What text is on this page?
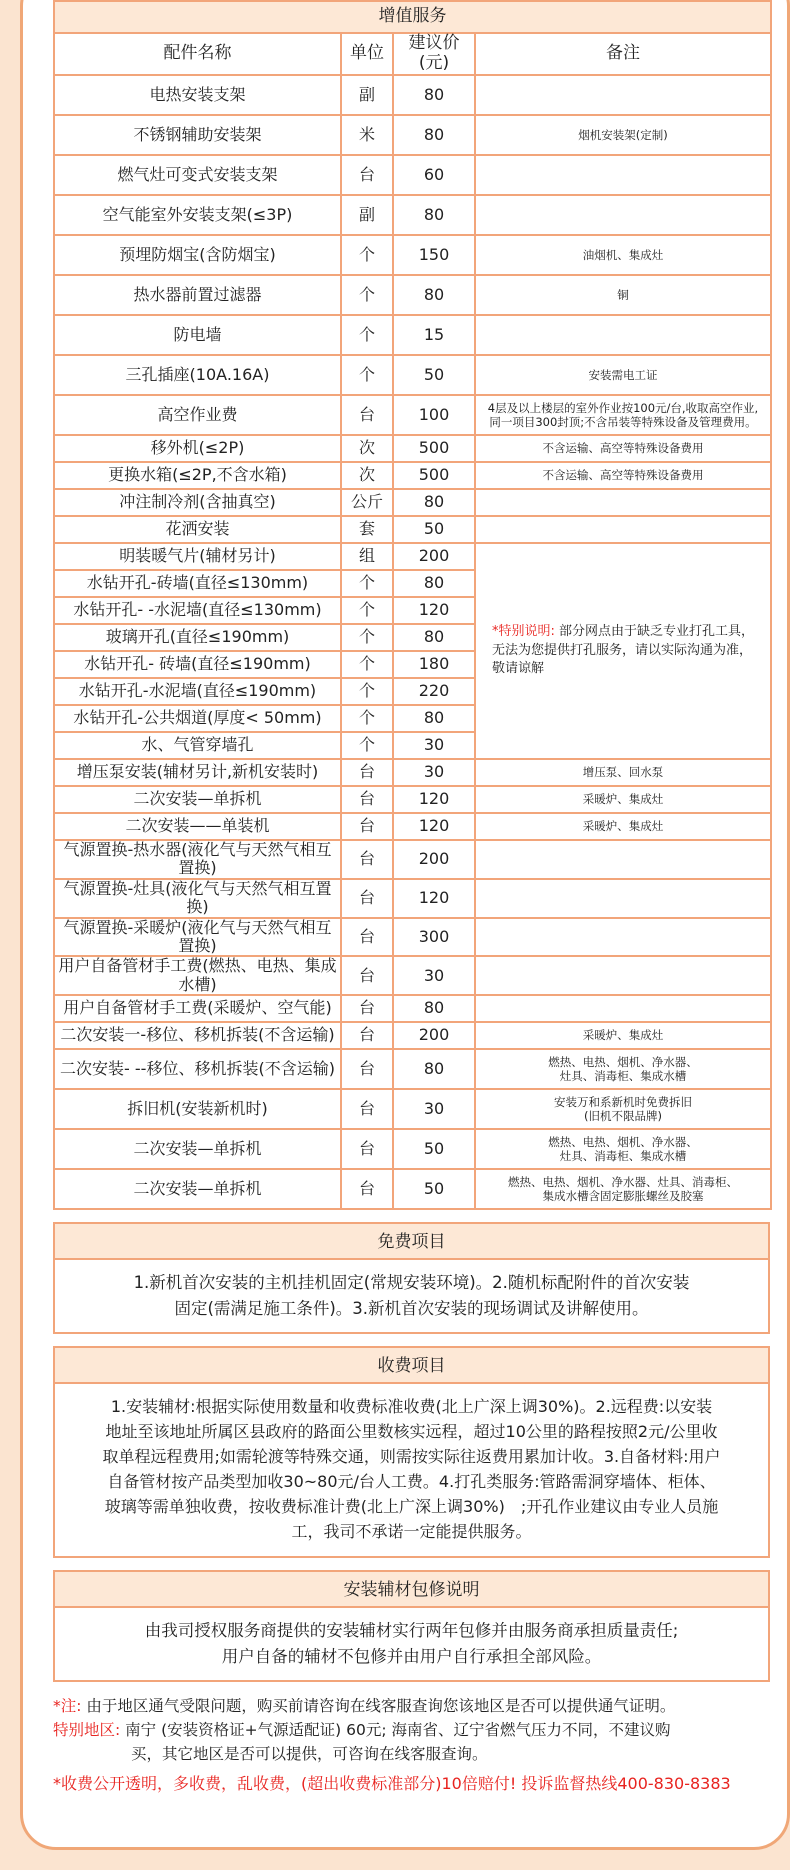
增值服务			
配件名称	单位	建议价(元)	备注
电热安装支架	副	80	
不锈钢辅助安装架	米	80	烟机安装架(定制)
燃气灶可变式安装支架	台	60	
空气能室外安装支架(≤3P)	副	80	
预埋防烟宝(含防烟宝)	个	150	油烟机、集成灶
热水器前置过滤器	个	80	铜
防电墙	个	15	
三孔插座(10A.16A)	个	50	安装需电工证
高空作业费	台	100	4层及以上楼层的室外作业按100元/台,收取高空作业,
同一项目300封顶;不含吊装等特殊设备及管理费用。
移外机(≤2P)	次	500	不含运输、高空等特殊设备费用
更换水箱(≤2P,不含水箱)	次	500	不含运输、高空等特殊设备费用
冲注制冷剂(含抽真空)	公斤	80	
花洒安装	套	50	
明装暖气片(辅材另计)	组	200	*特别说明: 部分网点由于缺乏专业打孔工具，无法为您提供打孔服务，请以实际沟通为准，敬请谅解
水钻开孔-砖墙(直径≤130mm)	个	80	
水钻开孔- -水泥墙(直径≤130mm)	个	120	
玻璃开孔(直径≤190mm)	个	80	
水钻开孔- 砖墙(直径≤190mm)	个	180	
水钻开孔-水泥墙(直径≤190mm)	个	220	
水钻开孔-公共烟道(厚度< 50mm)	个	80	
水、气管穿墙孔	个	30	
增压泵安装(辅材另计,新机安装时)	台	30	增压泵、回水泵
二次安装—单拆机	台	120	采暖炉、集成灶
二次安装——单装机	台	120	采暖炉、集成灶
气源置换-热水器(液化气与天然气相互置换)	台	200	
气源置换-灶具(液化气与天然气相互置换)	台	120	
气源置换-采暖炉(液化气与天然气相互置换)	台	300	
用户自备管材手工费(燃热、电热、集成水槽)	台	30	
用户自备管材手工费(采暖炉、空气能)	台	80	
二次安装一-移位、移机拆装(不含运输)	台	200	采暖炉、集成灶
二次安装- --移位、移机拆装(不含运输)	台	80	燃热、电热、烟机、净水器、
灶具、消毒柜、集成水槽
拆旧机(安装新机时)	台	30	安装万和系新机时免费拆旧
(旧机不限品牌)
二次安装—单拆机	台	50	燃热、电热、烟机、净水器、
灶具、消毒柜、集成水槽
二次安装—单拆机	台	50	燃热、电热、烟机、净水器、灶具、消毒柜、
集成水槽含固定膨胀螺丝及胶塞
免费项目
1.新机首次安装的主机挂机固定(常规安装环境)。2.随机标配附件的首次安装
固定(需满足施工条件)。3.新机首次安装的现场调试及讲解使用。
收费项目
1.安装辅材:根据实际使用数量和收费标准收费(北上广深上调30%)。2.远程费:以安装
地址至该地址所属区县政府的路面公里数核实远程，超过10公里的路程按照2元/公里收
取单程远程费用;如需轮渡等特殊交通，则需按实际往返费用累加计收。3.自备材料:用户
自备管材按产品类型加收30~80元/台人工费。4.打孔类服务:管路需洞穿墙体、柜体、
玻璃等需单独收费，按收费标准计费(北上广深上调30%)　;开孔作业建议由专业人员施
工，我司不承诺一定能提供服务。
安装辅材包修说明
由我司授权服务商提供的安装辅材实行两年包修并由服务商承担质量责任;
用户自备的辅材不包修并由用户自行承担全部风险。
*注: 由于地区通气受限问题，购买前请咨询在线客服查询您该地区是否可以提供通气证明。
特别地区: 南宁 (安装资格证+气源适配证) 60元; 海南省、辽宁省燃气压力不同，不建议购
买，其它地区是否可以提供，可咨询在线客服查询。
*收费公开透明，多收费，乱收费，(超出收费标准部分)10倍赔付! 投诉监督热线400-830-8383
